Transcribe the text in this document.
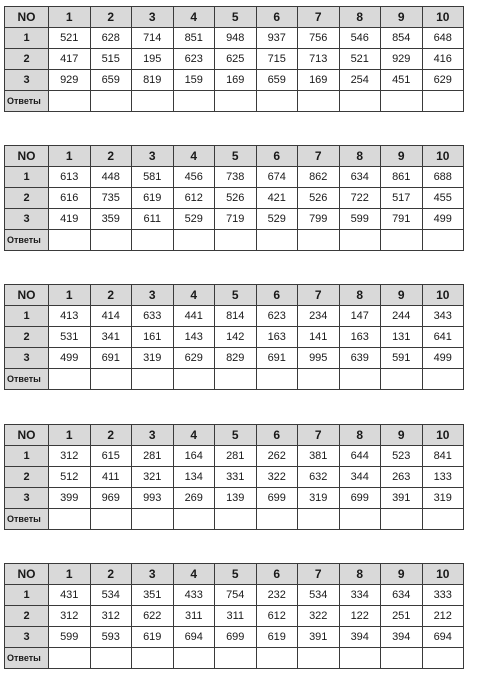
NO	1	2	3	4	5	6	7	8	9	10
1	521	628	714	851	948	937	756	546	854	648
2	417	515	195	623	625	715	713	521	929	416
3	929	659	819	159	169	659	169	254	451	629
Ответы										
NO	1	2	3	4	5	6	7	8	9	10
1	613	448	581	456	738	674	862	634	861	688
2	616	735	619	612	526	421	526	722	517	455
3	419	359	611	529	719	529	799	599	791	499
Ответы										
NO	1	2	3	4	5	6	7	8	9	10
1	413	414	633	441	814	623	234	147	244	343
2	531	341	161	143	142	163	141	163	131	641
3	499	691	319	629	829	691	995	639	591	499
Ответы										
NO	1	2	3	4	5	6	7	8	9	10
1	312	615	281	164	281	262	381	644	523	841
2	512	411	321	134	331	322	632	344	263	133
3	399	969	993	269	139	699	319	699	391	319
Ответы										
NO	1	2	3	4	5	6	7	8	9	10
1	431	534	351	433	754	232	534	334	634	333
2	312	312	622	311	311	612	322	122	251	212
3	599	593	619	694	699	619	391	394	394	694
Ответы										
